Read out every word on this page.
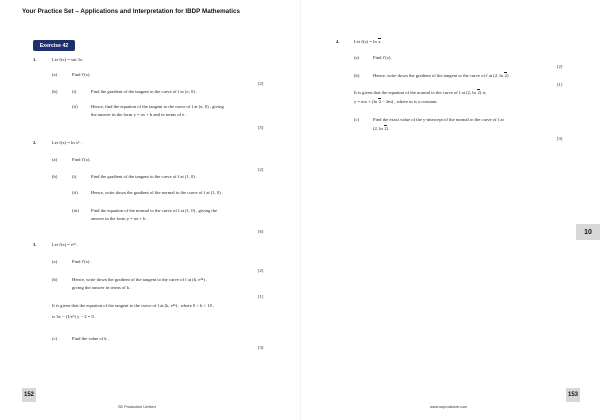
Your Practice Set – Applications and Interpretation for IBDP Mathematics
Exercise 42
1.	Let f(x) = sin 3x .
(a)	Find f′(x).
[2]
(b)	(i)	Find the gradient of the tangent to the curve of f at (π, 0) .
(ii)	Hence, find the equation of the tangent to the curve of f at (π, 0) , giving
the answer in the form y = ax + b and in terms of π .
[5]
2.	Let f(x) = ln x³ .
(a)	Find f′(x).
(b)	(i)	Find the gradient of the tangent to the curve of f at (1, 0) .
[2]
(ii)	Hence, write down the gradient of the normal to the curve of f at (1, 0) .
(iii)	Find the equation of the normal to the curve of f at (1, 0) , giving the
answer in the form y = ax + b .
[6]
3.	Let f(x) = e³ˣ .
(a)	Find f′(x) .
[2]
(b)	Hence, write down the gradient of the tangent to the curve of f at (k, e³ᵏ) ,
giving the answer in terms of k .
[1]
It is given that the equation of the tangent to the curve of f at (k, e³ᵏ) , where 0 < k < 10 ,
is 3x − (1/e⁶) y − 2 = 0 .
(c)	Find the value of k .
[3]
4.	Let f(x) = ln x .
(a)	Find f′(x).
[2]
(b)	Hence, write down the gradient of the tangent to the curve of f at (2, ln 2) .
[1]
It is given that the equation of the normal to the curve of f at (2, ln 2) is
y = mx + (ln 2 − 2m) , where m is a constant.
(c)	Find the exact value of the y-intercept of the normal to the curve of f at
(2, ln 2) .
[3]
10
152	153
SE Production Limited	www.seprodstore.com
